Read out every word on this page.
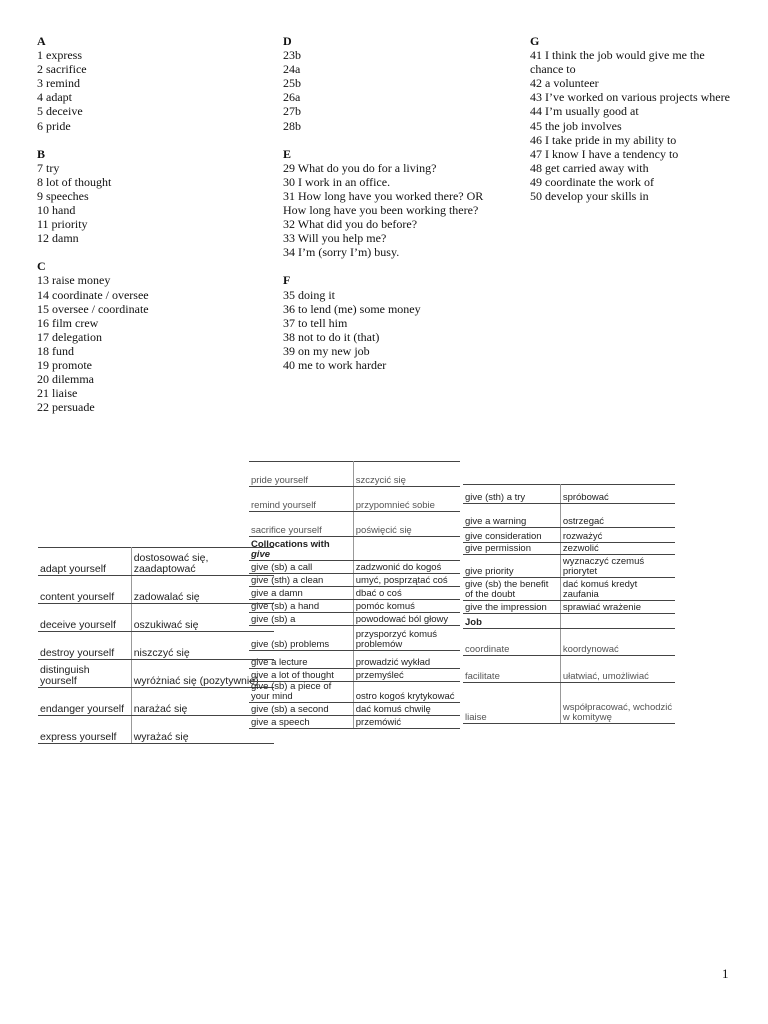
A
1 express
2 sacrifice
3 remind
4 adapt
5 deceive
6 pride
B
7 try
8 lot of thought
9 speeches
10 hand
11 priority
12 damn
C
13 raise money
14 coordinate / oversee
15 oversee / coordinate
16 film crew
17 delegation
18 fund
19 promote
20 dilemma
21 liaise
22 persuade
D
23b
24a
25b
26a
27b
28b
E
29 What do you do for a living?
30 I work in an office.
31 How long have you worked there? OR How long have you been working there?
32 What did you do before?
33 Will you help me?
34 I’m (sorry I’m) busy.
F
35 doing it
36 to lend (me) some money
37 to tell him
38 not to do it (that)
39 on my new job
40 me to work harder
G
41 I think the job would give me the chance to
42 a volunteer
43 I’ve worked on various projects where
44 I’m usually good at
45 the job involves
46 I take pride in my ability to
47 I know I have a tendency to
48 get carried away with
49 coordinate the work of
50 develop your skills in
adapt yourself	dostosować się, zaadaptować
content yourself	zadowalać się
deceive yourself	oszukiwać się
destroy yourself	niszczyć się
distinguish yourself	wyróżniać się (pozytywnie)
endanger yourself	narażać się
express yourself	wyrażać się
pride yourself	szczycić się
remind yourself	przypomnieć sobie
sacrifice yourself	poświęcić się

Collocations with
give	
give (sb) a call	zadzwonić do kogoś
give (sth) a clean	umyć, posprzątać coś
give a damn	dbać o coś
give (sb) a hand	pomóc komuś
give (sb) a	powodować ból głowy
give (sb) problems	przysporzyć komuś problemów
give a lecture	prowadzić wykład
give a lot of thought	przemyśleć
give (sb) a piece of your mind	ostro kogoś krytykować
give (sb) a second	dać komuś chwilę
give a speech	przemówić
give (sth) a try	spróbować
give a warning	ostrzegać
give consideration	rozważyć
give permission	zezwolić
give priority	wyznaczyć czemuś priorytet
give (sb) the benefit of the doubt	dać komuś kredyt zaufania
give the impression	sprawiać wrażenie
Job	
coordinate	koordynować
facilitate	ułatwiać, umożliwiać
liaise	współpracować, wchodzić w komitywę
1
